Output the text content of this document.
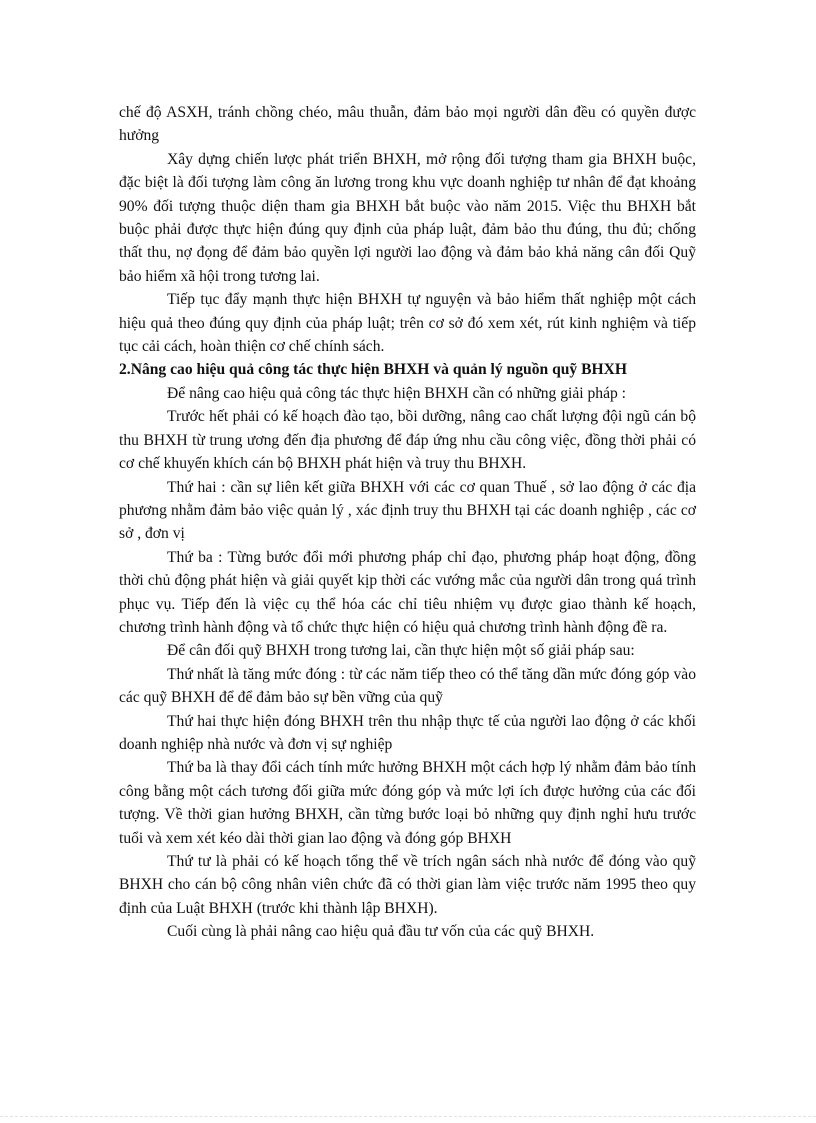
chế độ ASXH, tránh chồng chéo, mâu thuẫn, đảm bảo mọi người dân đều có quyền được hưởng

Xây dựng chiến lược phát triển BHXH, mở rộng đối tượng tham gia BHXH buộc, đặc biệt là đối tượng làm công ăn lương trong khu vực doanh nghiệp tư nhân để đạt khoảng 90% đối tượng thuộc diện tham gia BHXH bắt buộc vào năm 2015. Việc thu BHXH bắt buộc phải được thực hiện đúng quy định của pháp luật, đảm bảo thu đúng, thu đủ; chống thất thu, nợ đọng để đảm bảo quyền lợi người lao động và đảm bảo khả năng cân đối Quỹ bảo hiểm xã hội trong tương lai.

Tiếp tục đẩy mạnh thực hiện BHXH tự nguyện và bảo hiểm thất nghiệp một cách hiệu quả theo đúng quy định của pháp luật; trên cơ sở đó xem xét, rút kinh nghiệm và tiếp tục cải cách, hoàn thiện cơ chế chính sách.

2.Nâng cao hiệu quả công tác thực hiện BHXH và quản lý nguồn quỹ BHXH

Để nâng cao hiệu quả công tác thực hiện BHXH cần có những giải pháp :

Trước hết phải có kế hoạch đào tạo, bồi dưỡng, nâng cao chất lượng đội ngũ cán bộ thu BHXH từ trung ương đến địa phương để đáp ứng nhu cầu công việc, đồng thời phải có cơ chế khuyến khích cán bộ BHXH phát hiện và truy thu BHXH.

Thứ hai : cần sự liên kết giữa BHXH với các cơ quan Thuế , sở lao động ở các địa phương nhằm đảm bảo việc quản lý , xác định truy thu BHXH tại các doanh nghiệp , các cơ sở , đơn vị

Thứ ba : Từng bước đổi mới phương pháp chỉ đạo, phương pháp hoạt động, đồng thời chủ động phát hiện và giải quyết kịp thời các vướng mắc của người dân trong quá trình phục vụ. Tiếp đến là việc cụ thể hóa các chỉ tiêu nhiệm vụ được giao thành kế hoạch, chương trình hành động và tổ chức thực hiện có hiệu quả chương trình hành động đề ra.

Để cân đối quỹ BHXH trong tương lai, cần thực hiện một số giải pháp sau:

Thứ nhất là tăng mức đóng : từ các năm tiếp theo có thể tăng dần mức đóng góp vào các quỹ BHXH để để đảm bảo sự bền vững của quỹ

Thứ hai thực hiện đóng BHXH trên thu nhập thực tế của người lao động ở các khối doanh nghiệp nhà nước và đơn vị sự nghiệp

Thứ ba là thay đổi cách tính mức hưởng BHXH một cách hợp lý nhằm đảm bảo tính công bằng một cách tương đối giữa mức đóng góp và mức lợi ích được hưởng của các đối tượng. Về thời gian hưởng BHXH, cần từng bước loại bỏ những quy định nghỉ hưu trước tuổi và xem xét kéo dài thời gian lao động và đóng góp BHXH

Thứ tư là phải có kế hoạch tổng thể về trích ngân sách nhà nước để đóng vào quỹ BHXH cho cán bộ công nhân viên chức đã có thời gian làm việc trước năm 1995 theo quy định của Luật BHXH (trước khi thành lập BHXH).

Cuối cùng là phải nâng cao hiệu quả đầu tư vốn của các quỹ BHXH.
